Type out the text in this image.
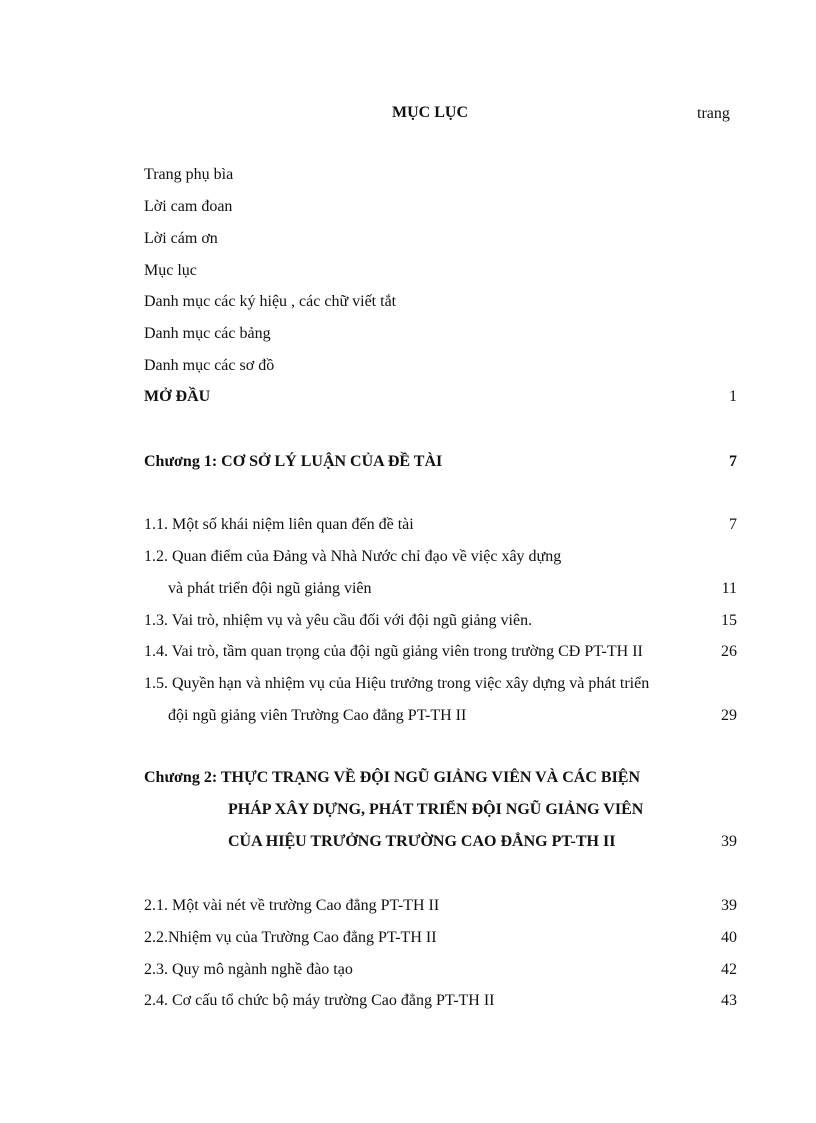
MỤC LỤC	trang
Trang phụ bìa
Lời cam đoan
Lời cám ơn
Mục lục
Danh mục các ký hiệu , các chữ viết tắt
Danh mục các bảng
Danh mục các sơ đồ
MỞ ĐẦU	1
Chương 1: CƠ SỞ LÝ LUẬN CỦA ĐỀ TÀI	7
1.1. Một số khái niệm liên quan đến đề tài	7
1.2. Quan điểm của Đảng và Nhà Nước chỉ đạo về việc xây dựng
và phát triển đội ngũ giảng viên	11
1.3. Vai trò, nhiệm vụ và yêu cầu đối với đội ngũ giảng viên.	15
1.4. Vai trò, tầm quan trọng của đội ngũ giảng viên trong trường CĐ PT-TH II	26
1.5. Quyền hạn và nhiệm vụ của Hiệu trưởng trong việc xây dựng và phát triển
đội ngũ giảng viên Trường Cao đẳng PT-TH II	29
Chương 2: THỰC TRẠNG VỀ ĐỘI NGŨ GIẢNG VIÊN VÀ CÁC BIỆN
PHÁP XÂY DỰNG, PHÁT TRIỂN ĐỘI NGŨ GIẢNG VIÊN
CỦA HIỆU TRƯỞNG TRƯỜNG CAO ĐẲNG PT-TH II	39
2.1. Một vài nét về trường Cao đẳng PT-TH II	39
2.2.Nhiệm vụ của Trường Cao đẳng PT-TH II	40
2.3. Quy mô ngành nghề đào tạo	42
2.4. Cơ cấu tổ chức bộ máy trường Cao đẳng PT-TH II	43
